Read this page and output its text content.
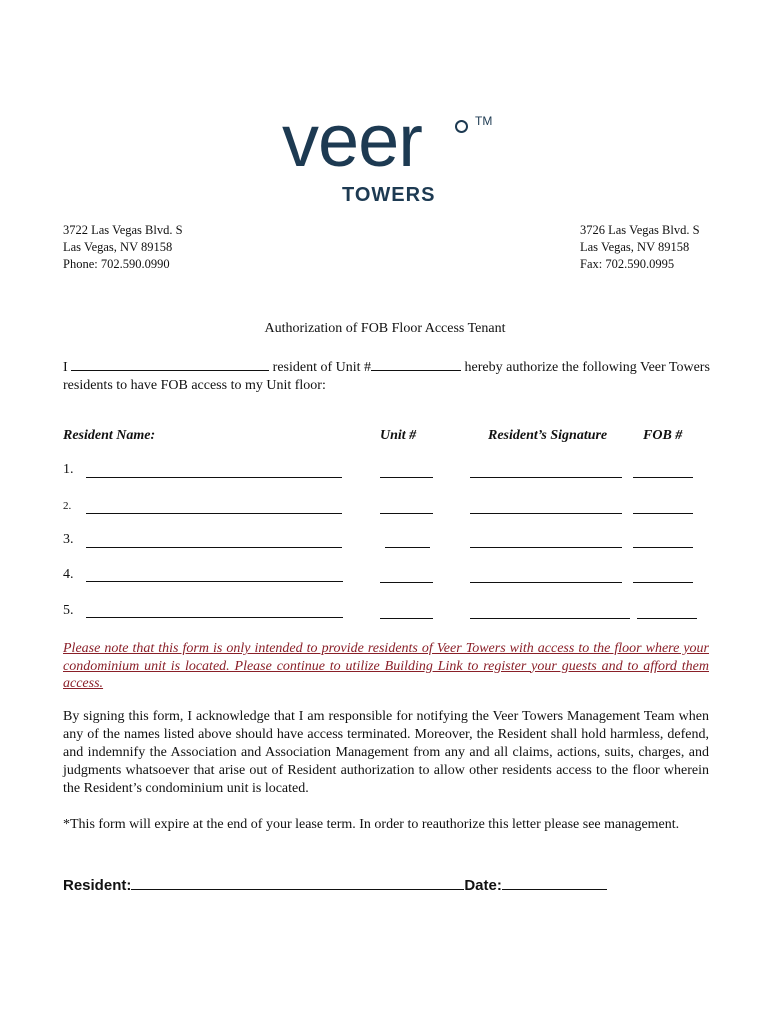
veer	TM
TOWERS
3722 Las Vegas Blvd. S
Las Vegas, NV 89158
Phone: 702.590.0990
3726 Las Vegas Blvd. S
Las Vegas, NV 89158
Fax: 702.590.0995
Authorization of FOB Floor Access Tenant
I	resident of Unit #	hereby authorize the following Veer Towers residents to have FOB access to my Unit floor:
Resident Name:	Unit #	Resident’s Signature	FOB #
1.
2.
3.
4.
5.
Please note that this form is only intended to provide residents of Veer Towers with access to the floor where your condominium unit is located. Please continue to utilize Building Link to register your guests and to afford them access.
By signing this form, I acknowledge that I am responsible for notifying the Veer Towers Management Team when any of the names listed above should have access terminated. Moreover, the Resident shall hold harmless, defend, and indemnify the Association and Association Management from any and all claims, actions, suits, charges, and judgments whatsoever that arise out of Resident authorization to allow other residents access to the floor wherein the Resident’s condominium unit is located.
*This form will expire at the end of your lease term. In order to reauthorize this letter please see management.
Resident:	Date:
